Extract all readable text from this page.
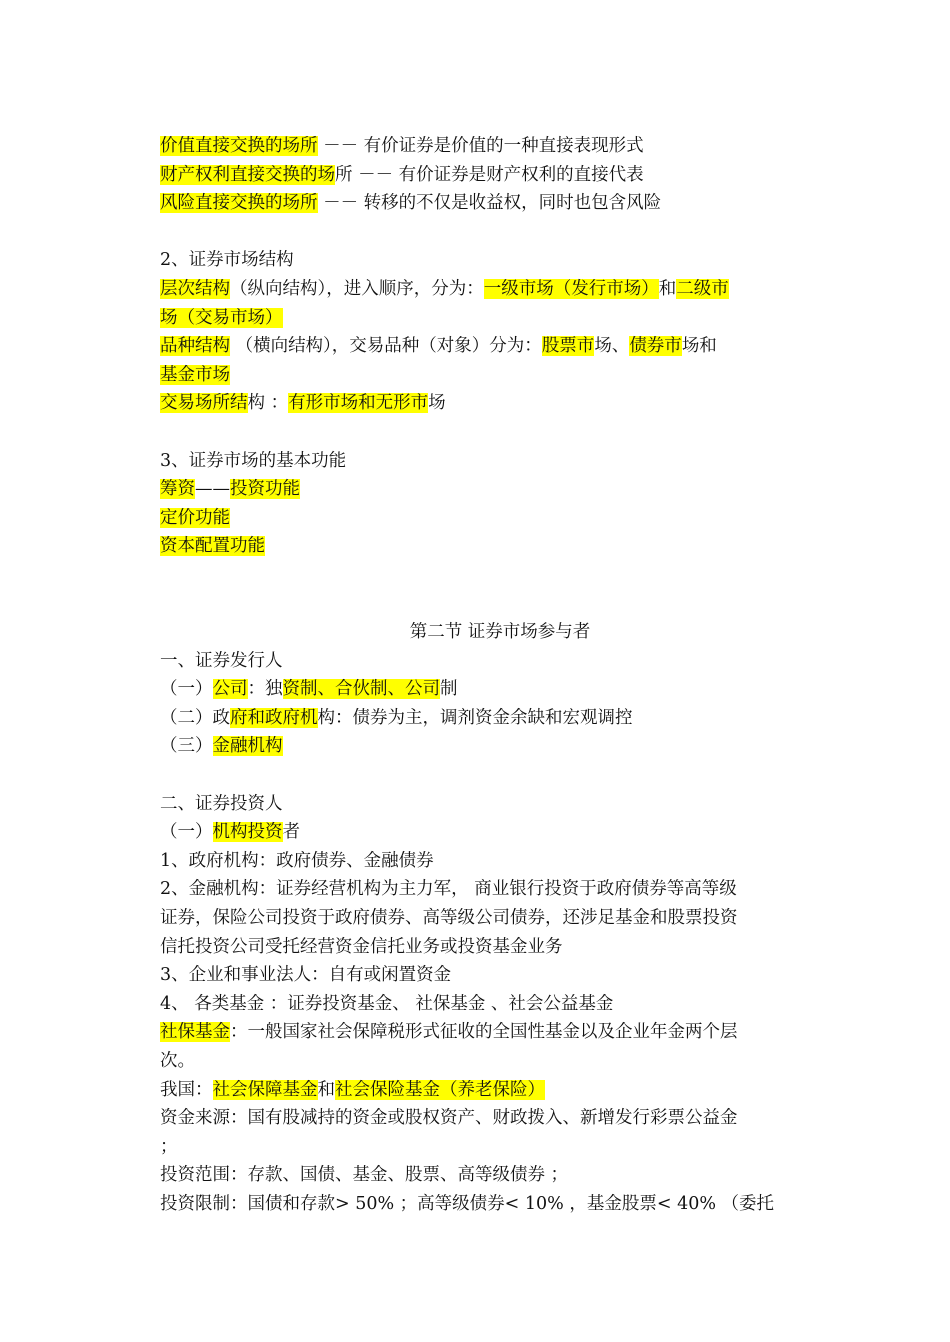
价值直接交换的场所 －－ 有价证券是价值的一种直接表现形式
财产权利直接交换的场所 －－ 有价证券是财产权利的直接代表
风险直接交换的场所 －－ 转移的不仅是收益权，同时也包含风险
2、证券市场结构
层次结构（纵向结构），进入顺序，分为：一级市场（发行市场）和二级市
场（交易市场）
品种结构 （横向结构），交易品种（对象）分为：股票市场、债券市场和
基金市场
交易场所结构 ：有形市场和无形市场
3、证券市场的基本功能
筹资——投资功能
定价功能
资本配置功能
第二节 证券市场参与者
一、证券发行人
（一）公司：独资制、合伙制、公司制
（二）政府和政府机构：债券为主，调剂资金余缺和宏观调控
（三）金融机构
二、证券投资人
（一）机构投资者
1、政府机构：政府债券、金融债券
2、金融机构：证券经营机构为主力军， 商业银行投资于政府债券等高等级
证券，保险公司投资于政府债券、高等级公司债券，还涉足基金和股票投资
信托投资公司受托经营资金信托业务或投资基金业务
3、企业和事业法人：自有或闲置资金
4、 各类基金 ：证券投资基金、 社保基金 、社会公益基金
社保基金：一般国家社会保障税形式征收的全国性基金以及企业年金两个层
次。
我国：社会保障基金和社会保险基金（养老保险）
资金来源：国有股减持的资金或股权资产、财政拨入、新增发行彩票公益金
；
投资范围：存款、国债、基金、股票、高等级债券 ；
投资限制：国债和存款> 50% ；高等级债券< 10% ，基金股票< 40% （委托
